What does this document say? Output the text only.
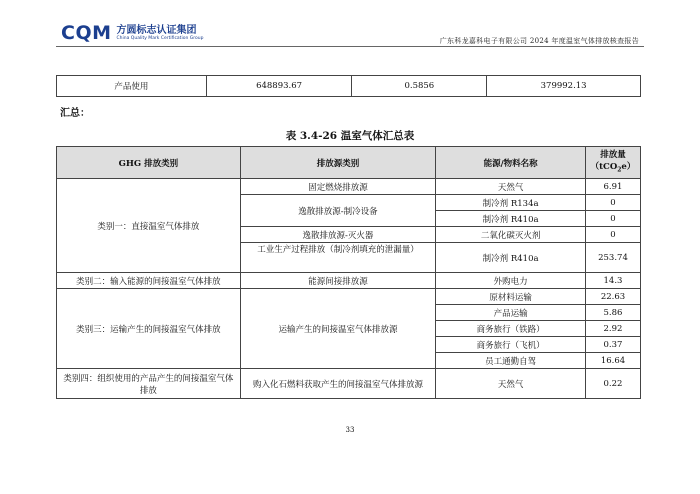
CQM 方圆标志认证集团
China Quality Mark Certification Group	广东科龙嘉科电子有限公司 2024 年度温室气体排放核查报告
产品使用	648893.67	0.5856	379992.13
汇总：
表 3.4-26 温室气体汇总表
GHG 排放类别	排放源类别	能源/物料名称	排放量
（tCO$_2$e）
类别一：直接温室气体排放	固定燃烧排放源	天然气	6.91
	逸散排放源-制冷设备	制冷剂 R134a	0
		制冷剂 R410a	0
	逸散排放源-灭火器	二氧化碳灭火剂	0
	工业生产过程排放（制冷剂填充的泄漏量）	制冷剂 R410a	253.74
类别二：输入能源的间接温室气体排放	能源间接排放源	外购电力	14.3
类别三：运输产生的间接温室气体排放	运输产生的间接温室气体排放源	原材料运输	22.63
		产品运输	5.86
		商务旅行（铁路）	2.92
		商务旅行（飞机）	0.37
		员工通勤自驾	16.64
类别四：组织使用的产品产生的间接温室气体排放	购入化石燃料获取产生的间接温室气体排放源	天然气	0.22
33
